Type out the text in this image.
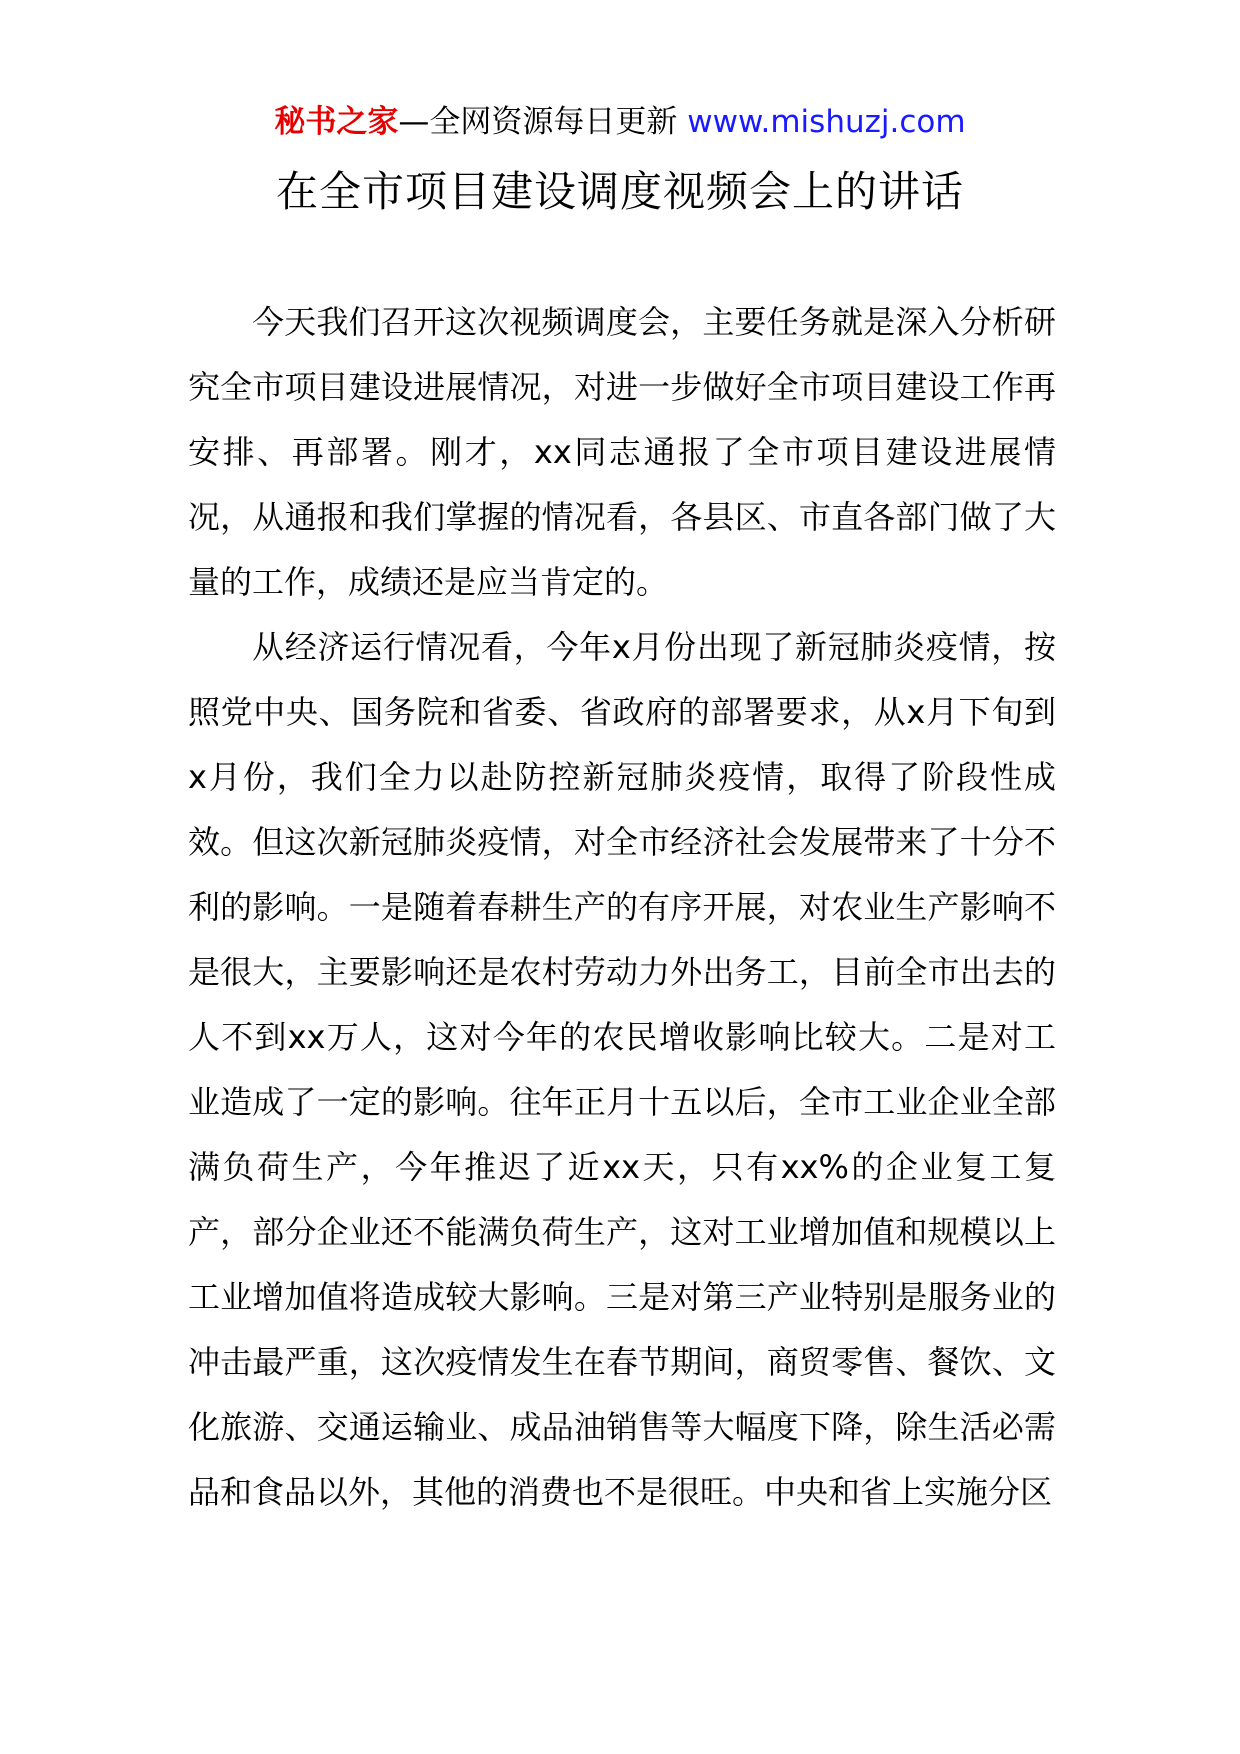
秘书之家—全网资源每日更新 www.mishuzj.com
在全市项目建设调度视频会上的讲话

今天我们召开这次视频调度会，主要任务就是深入分析研究全市项目建设进展情况，对进一步做好全市项目建设工作再安排、再部署。刚才，xx同志通报了全市项目建设进展情况，从通报和我们掌握的情况看，各县区、市直各部门做了大量的工作，成绩还是应当肯定的。

从经济运行情况看，今年x月份出现了新冠肺炎疫情，按照党中央、国务院和省委、省政府的部署要求，从x月下旬到x月份，我们全力以赴防控新冠肺炎疫情，取得了阶段性成效。但这次新冠肺炎疫情，对全市经济社会发展带来了十分不利的影响。一是随着春耕生产的有序开展，对农业生产影响不是很大，主要影响还是农村劳动力外出务工，目前全市出去的人不到xx万人，这对今年的农民增收影响比较大。二是对工业造成了一定的影响。往年正月十五以后，全市工业企业全部满负荷生产，今年推迟了近xx天，只有xx%的企业复工复产，部分企业还不能满负荷生产，这对工业增加值和规模以上工业增加值将造成较大影响。三是对第三产业特别是服务业的冲击最严重，这次疫情发生在春节期间，商贸零售、餐饮、文化旅游、交通运输业、成品油销售等大幅度下降，除生活必需品和食品以外，其他的消费也不是很旺。中央和省上实施分区
